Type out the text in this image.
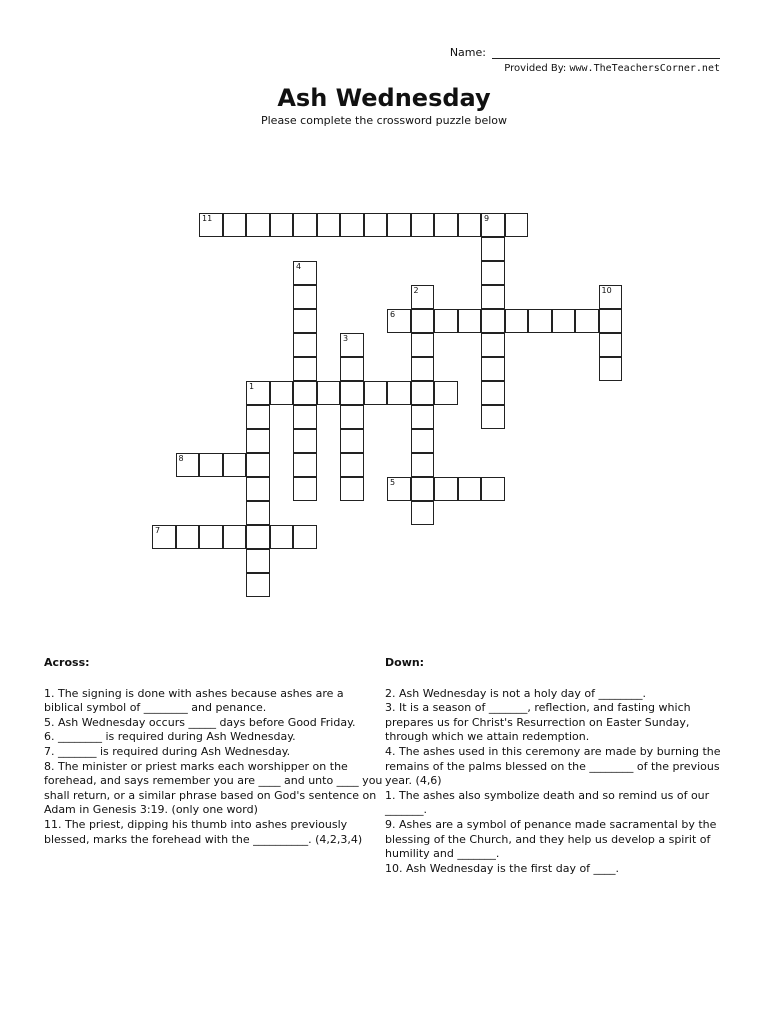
Name:
Provided By: www.TheTeachersCorner.net
Ash Wednesday
Please complete the crossword puzzle below
11	9
4
2	10
6
3
1
8
5
7
Across:

1. The signing is done with ashes because ashes are a biblical symbol of ________ and penance.

5. Ash Wednesday occurs _____ days before Good Friday.

6. ________ is required during Ash Wednesday.

7. _______ is required during Ash Wednesday.

8. The minister or priest marks each worshipper on the forehead, and says remember you are ____ and unto ____ you shall return, or a similar phrase based on God's sentence on Adam in Genesis 3:19. (only one word)

11. The priest, dipping his thumb into ashes previously blessed, marks the forehead with the __________. (4,2,3,4)

Down:

2. Ash Wednesday is not a holy day of ________.

3. It is a season of _______, reflection, and fasting which prepares us for Christ's Resurrection on Easter Sunday, through which we attain redemption.

4. The ashes used in this ceremony are made by burning the remains of the palms blessed on the ________ of the previous year. (4,6)

1. The ashes also symbolize death and so remind us of our _______.

9. Ashes are a symbol of penance made sacramental by the blessing of the Church, and they help us develop a spirit of humility and _______.

10. Ash Wednesday is the first day of ____.
